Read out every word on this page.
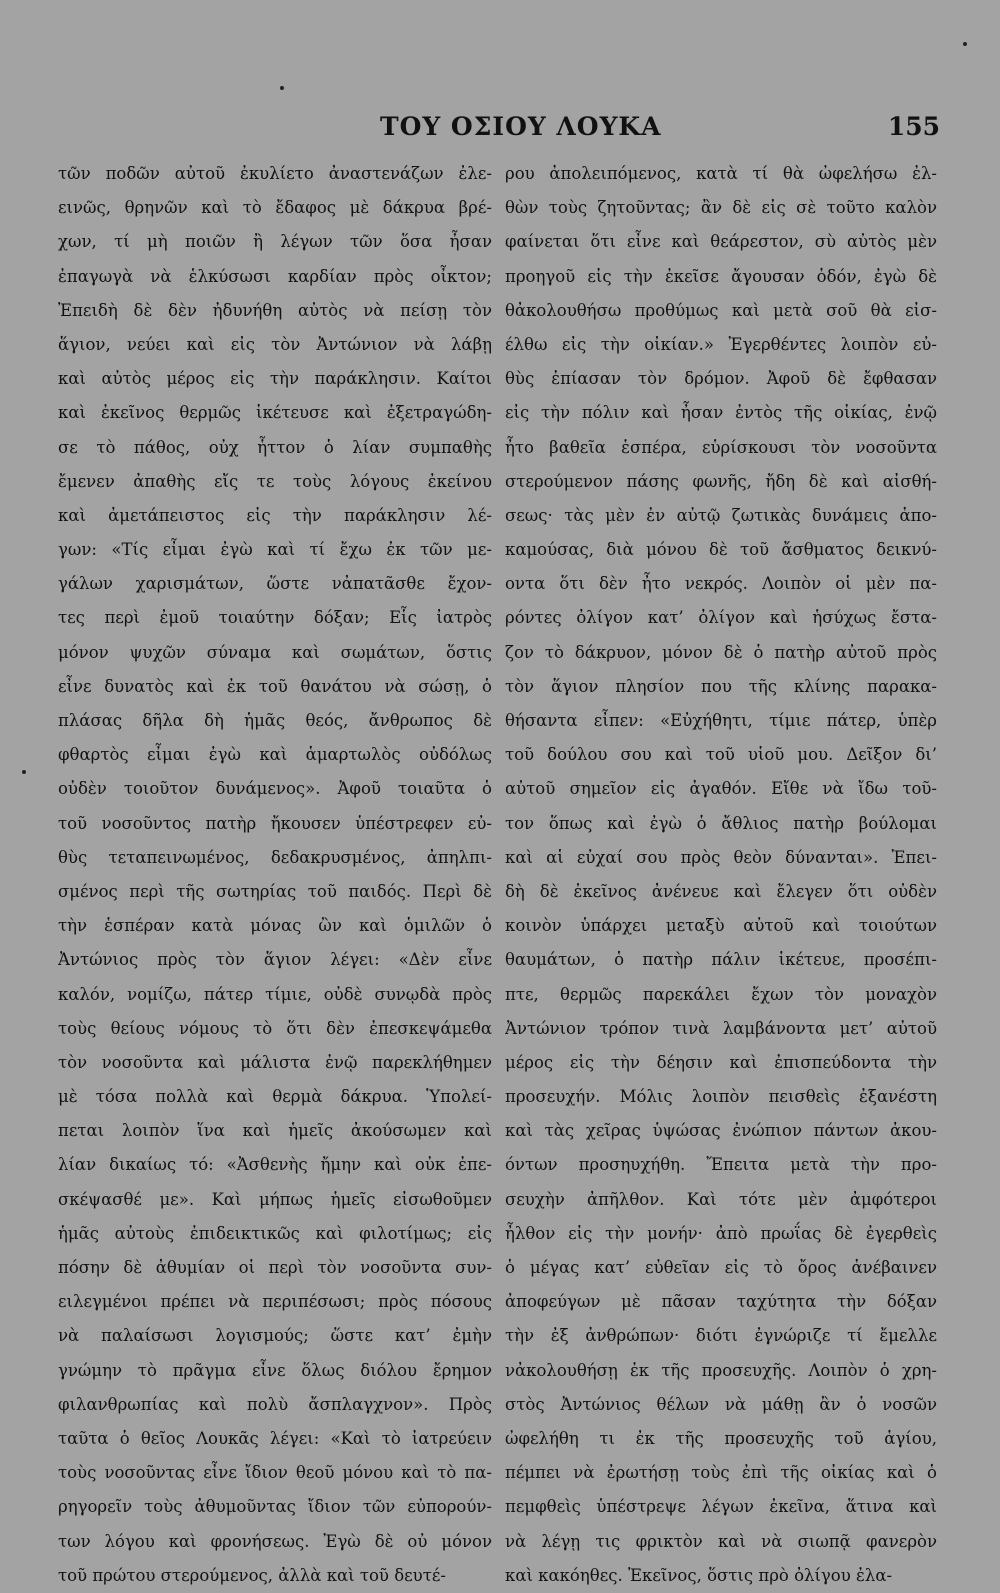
ΤΟΥ ΟΣΙΟΥ ΛΟΥΚΑ	155
τῶν ποδῶν αὐτοῦ ἐκυλίετο ἀναστενάζων ἐλε-
εινῶς, θρηνῶν καὶ τὸ ἔδαφος μὲ δάκρυα βρέ-
χων, τί μὴ ποιῶν ἢ λέγων τῶν ὅσα ἦσαν
ἐπαγωγὰ νὰ ἑλκύσωσι καρδίαν πρὸς οἶκτον;
Ἐπειδὴ δὲ δὲν ἠδυνήθη αὐτὸς νὰ πείσῃ τὸν
ἅγιον, νεύει καὶ εἰς τὸν Ἀντώνιον νὰ λάβῃ
καὶ αὐτὸς μέρος εἰς τὴν παράκλησιν. Καίτοι
καὶ ἐκεῖνος θερμῶς ἱκέτευσε καὶ ἐξετραγώδη-
σε τὸ πάθος, οὐχ ἧττον ὁ λίαν συμπαθὴς
ἔμενεν ἀπαθὴς εἴς τε τοὺς λόγους ἐκείνου
καὶ ἀμετάπειστος εἰς τὴν παράκλησιν λέ-
γων: «Τίς εἶμαι ἐγὼ καὶ τί ἔχω ἐκ τῶν με-
γάλων χαρισμάτων, ὥστε νἀπατᾶσθε ἔχον-
τες περὶ ἐμοῦ τοιαύτην δόξαν; Εἷς ἰατρὸς
μόνον ψυχῶν σύναμα καὶ σωμάτων, ὅστις
εἶνε δυνατὸς καὶ ἐκ τοῦ θανάτου νὰ σώσῃ, ὁ
πλάσας δῆλα δὴ ἡμᾶς θεός, ἄνθρωπος δὲ
φθαρτὸς εἶμαι ἐγὼ καὶ ἁμαρτωλὸς οὐδόλως
οὐδὲν τοιοῦτον δυνάμενος». Ἀφοῦ τοιαῦτα ὁ
τοῦ νοσοῦντος πατὴρ ἤκουσεν ὑπέστρεφεν εὐ-
θὺς τεταπεινωμένος, δεδακρυσμένος, ἀπηλπι-
σμένος περὶ τῆς σωτηρίας τοῦ παιδός. Περὶ δὲ
τὴν ἑσπέραν κατὰ μόνας ὢν καὶ ὁμιλῶν ὁ
Ἀντώνιος πρὸς τὸν ἅγιον λέγει: «Δὲν εἶνε
καλόν, νομίζω, πάτερ τίμιε, οὐδὲ συνῳδὰ πρὸς
τοὺς θείους νόμους τὸ ὅτι δὲν ἐπεσκεψάμεθα
τὸν νοσοῦντα καὶ μάλιστα ἐνῷ παρεκλήθημεν
μὲ τόσα πολλὰ καὶ θερμὰ δάκρυα. Ὑπολεί-
πεται λοιπὸν ἵνα καὶ ἡμεῖς ἀκούσωμεν καὶ
λίαν δικαίως τό: «Ἀσθενὴς ἤμην καὶ οὐκ ἐπε-
σκέψασθέ με». Καὶ μήπως ἡμεῖς εἰσωθοῦμεν
ἡμᾶς αὐτοὺς ἐπιδεικτικῶς καὶ φιλοτίμως; εἰς
πόσην δὲ ἀθυμίαν οἱ περὶ τὸν νοσοῦντα συν-
ειλεγμένοι πρέπει νὰ περιπέσωσι; πρὸς πόσους
νὰ παλαίσωσι λογισμούς; ὥστε κατ’ ἐμὴν
γνώμην τὸ πρᾶγμα εἶνε ὅλως διόλου ἔρημον
φιλανθρωπίας καὶ πολὺ ἄσπλαγχνον». Πρὸς
ταῦτα ὁ θεῖος Λουκᾶς λέγει: «Καὶ τὸ ἰατρεύειν
τοὺς νοσοῦντας εἶνε ἴδιον θεοῦ μόνου καὶ τὸ πα-
ρηγορεῖν τοὺς ἀθυμοῦντας ἴδιον τῶν εὐπορούν-
των λόγου καὶ φρονήσεως. Ἐγὼ δὲ οὐ μόνον
τοῦ πρώτου στερούμενος, ἀλλὰ καὶ τοῦ δευτέ-
ρου ἀπολειπόμενος, κατὰ τί θὰ ὠφελήσω ἐλ-
θὼν τοὺς ζητοῦντας; ἂν δὲ εἰς σὲ τοῦτο καλὸν
φαίνεται ὅτι εἶνε καὶ θεάρεστον, σὺ αὐτὸς μὲν
προηγοῦ εἰς τὴν ἐκεῖσε ἄγουσαν ὁδόν, ἐγὼ δὲ
θἀκολουθήσω προθύμως καὶ μετὰ σοῦ θὰ εἰσ-
έλθω εἰς τὴν οἰκίαν.» Ἐγερθέντες λοιπὸν εὐ-
θὺς ἐπίασαν τὸν δρόμον. Ἀφοῦ δὲ ἔφθασαν
εἰς τὴν πόλιν καὶ ἦσαν ἐντὸς τῆς οἰκίας, ἐνῷ
ἦτο βαθεῖα ἑσπέρα, εὑρίσκουσι τὸν νοσοῦντα
στερούμενον πάσης φωνῆς, ἤδη δὲ καὶ αἰσθή-
σεως· τὰς μὲν ἐν αὐτῷ ζωτικὰς δυνάμεις ἀπο-
καμούσας, διὰ μόνου δὲ τοῦ ἄσθματος δεικνύ-
οντα ὅτι δὲν ἦτο νεκρός. Λοιπὸν οἱ μὲν πα-
ρόντες ὀλίγον κατ’ ὀλίγον καὶ ἡσύχως ἔστα-
ζον τὸ δάκρυον, μόνον δὲ ὁ πατὴρ αὐτοῦ πρὸς
τὸν ἅγιον πλησίον που τῆς κλίνης παρακα-
θήσαντα εἶπεν: «Εὐχήθητι, τίμιε πάτερ, ὑπὲρ
τοῦ δούλου σου καὶ τοῦ υἱοῦ μου. Δεῖξον δι’
αὐτοῦ σημεῖον εἰς ἀγαθόν. Εἴθε νὰ ἴδω τοῦ-
τον ὅπως καὶ ἐγὼ ὁ ἄθλιος πατὴρ βούλομαι
καὶ αἱ εὐχαί σου πρὸς θεὸν δύνανται». Ἐπει-
δὴ δὲ ἐκεῖνος ἀνένευε καὶ ἔλεγεν ὅτι οὐδὲν
κοινὸν ὑπάρχει μεταξὺ αὐτοῦ καὶ τοιούτων
θαυμάτων, ὁ πατὴρ πάλιν ἱκέτευε, προσέπι-
πτε, θερμῶς παρεκάλει ἔχων τὸν μοναχὸν
Ἀντώνιον τρόπον τινὰ λαμβάνοντα μετ’ αὐτοῦ
μέρος εἰς τὴν δέησιν καὶ ἐπισπεύδοντα τὴν
προσευχήν. Μόλις λοιπὸν πεισθεὶς ἐξανέστη
καὶ τὰς χεῖρας ὑψώσας ἐνώπιον πάντων ἀκου-
όντων προσηυχήθη. Ἔπειτα μετὰ τὴν προ-
σευχὴν ἀπῆλθον. Καὶ τότε μὲν ἀμφότεροι
ἦλθον εἰς τὴν μονήν· ἀπὸ πρωΐας δὲ ἐγερθεὶς
ὁ μέγας κατ’ εὐθεῖαν εἰς τὸ ὄρος ἀνέβαινεν
ἀποφεύγων μὲ πᾶσαν ταχύτητα τὴν δόξαν
τὴν ἐξ ἀνθρώπων· διότι ἐγνώριζε τί ἔμελλε
νἀκολουθήσῃ ἐκ τῆς προσευχῆς. Λοιπὸν ὁ χρη-
στὸς Ἀντώνιος θέλων νὰ μάθῃ ἂν ὁ νοσῶν
ὠφελήθη τι ἐκ τῆς προσευχῆς τοῦ ἁγίου,
πέμπει νὰ ἐρωτήσῃ τοὺς ἐπὶ τῆς οἰκίας καὶ ὁ
πεμφθεὶς ὑπέστρεψε λέγων ἐκεῖνα, ἅτινα καὶ
νὰ λέγῃ τις φρικτὸν καὶ νὰ σιωπᾷ φανερὸν
καὶ κακόηθες. Ἐκεῖνος, ὅστις πρὸ ὀλίγου ἐλα-
